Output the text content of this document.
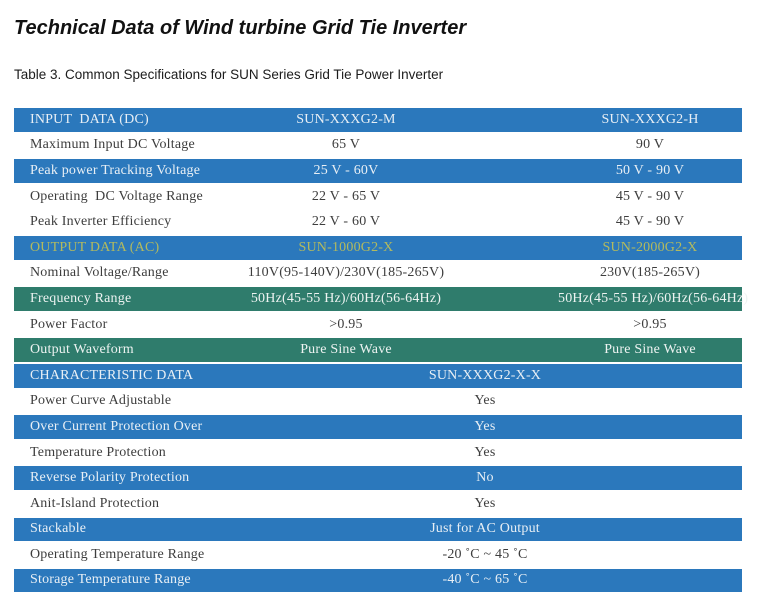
Technical Data of Wind turbine Grid Tie Inverter
Table 3. Common Specifications for SUN Series Grid Tie Power Inverter
INPUT  DATA (DC)	SUN-XXXG2-M	SUN-XXXG2-H
Maximum Input DC Voltage	65 V	90 V
Peak power Tracking Voltage	25 V - 60V	50 V - 90 V
Operating  DC Voltage Range	22 V - 65 V	45 V - 90 V
Peak Inverter Efficiency	22 V - 60 V	45 V - 90 V
OUTPUT DATA (AC)	SUN-1000G2-X	SUN-2000G2-X
Nominal Voltage/Range	110V(95-140V)/230V(185-265V)	230V(185-265V)
Frequency Range	50Hz(45-55 Hz)/60Hz(56-64Hz)	50Hz(45-55 Hz)/60Hz(56-64Hz)
Power Factor	>0.95	>0.95
Output Waveform	Pure Sine Wave	Pure Sine Wave
CHARACTERISTIC DATA	SUN-XXXG2-X-X
Power Curve Adjustable	Yes
Over Current Protection Over	Yes
Temperature Protection	Yes
Reverse Polarity Protection	No
Anit-Island Protection	Yes
Stackable	Just for AC Output
Operating Temperature Range	-20 ˚C ~ 45 ˚C
Storage Temperature Range	-40 ˚C ~ 65 ˚C
